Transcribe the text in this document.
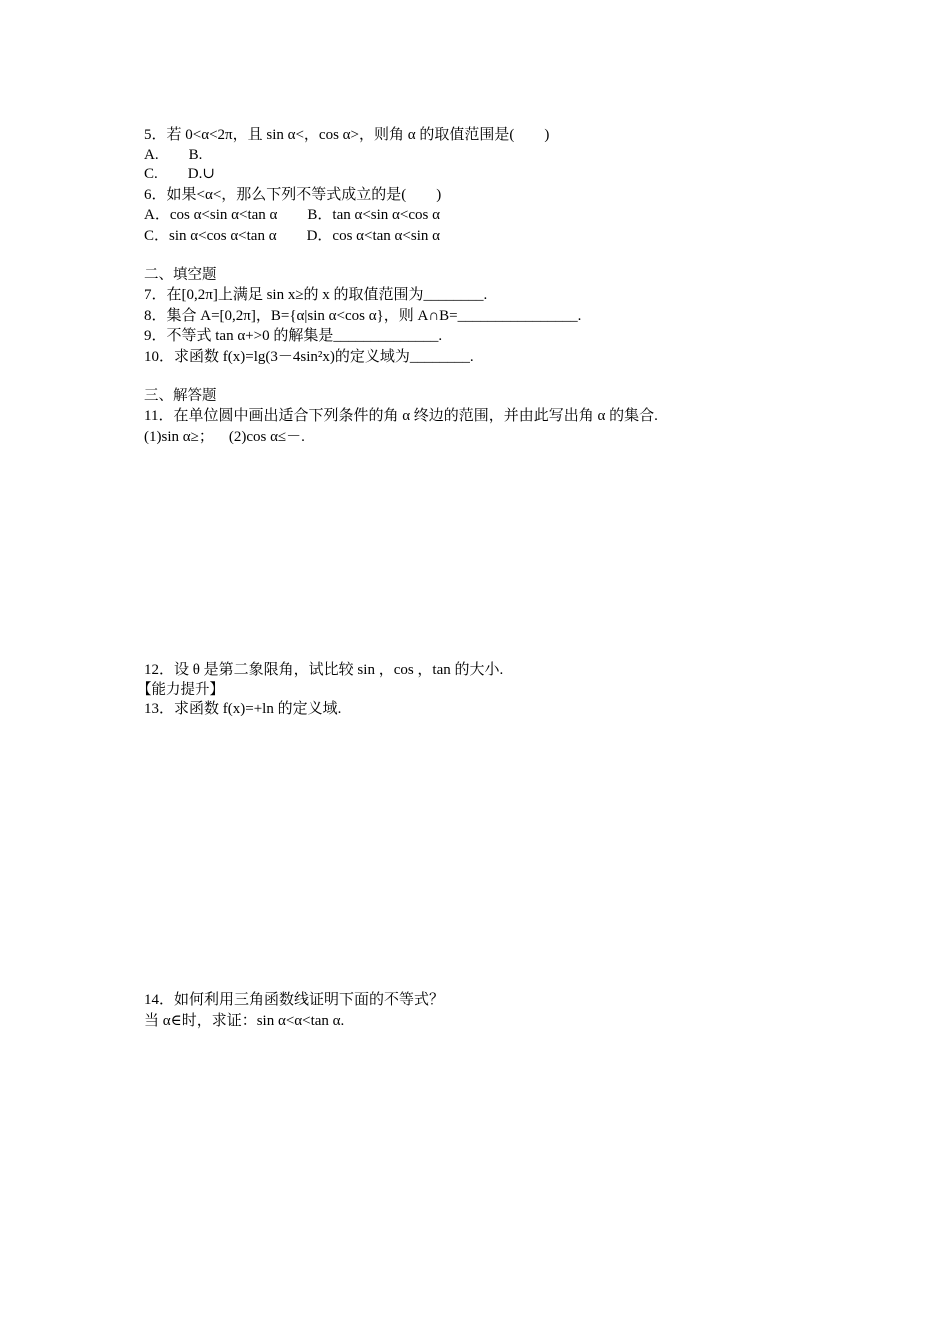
5．若 0<α<2π，且 sin α<，cos α>，则角 α 的取值范围是(        )
A.        B.
C.        D.∪
6．如果<α<，那么下列不等式成立的是(        )
A．cos α<sin α<tan α        B．tan α<sin α<cos α
C．sin α<cos α<tan α        D．cos α<tan α<sin α
二、填空题
7．在[0,2π]上满足 sin x≥的 x 的取值范围为________.
8．集合 A=[0,2π]，B={α|sin α<cos α}，则 A∩B=________________.
9．不等式 tan α+>0 的解集是______________.
10．求函数 f(x)=lg(3－4sin²x)的定义域为________.
三、解答题
11．在单位圆中画出适合下列条件的角 α 终边的范围，并由此写出角 α 的集合.
(1)sin α≥；    (2)cos α≤－.
12．设 θ 是第二象限角，试比较 sin ，cos ，tan 的大小.
【能力提升】
13．求函数 f(x)=+ln 的定义域.
14．如何利用三角函数线证明下面的不等式？
当 α∈时，求证：sin α<α<tan α.
